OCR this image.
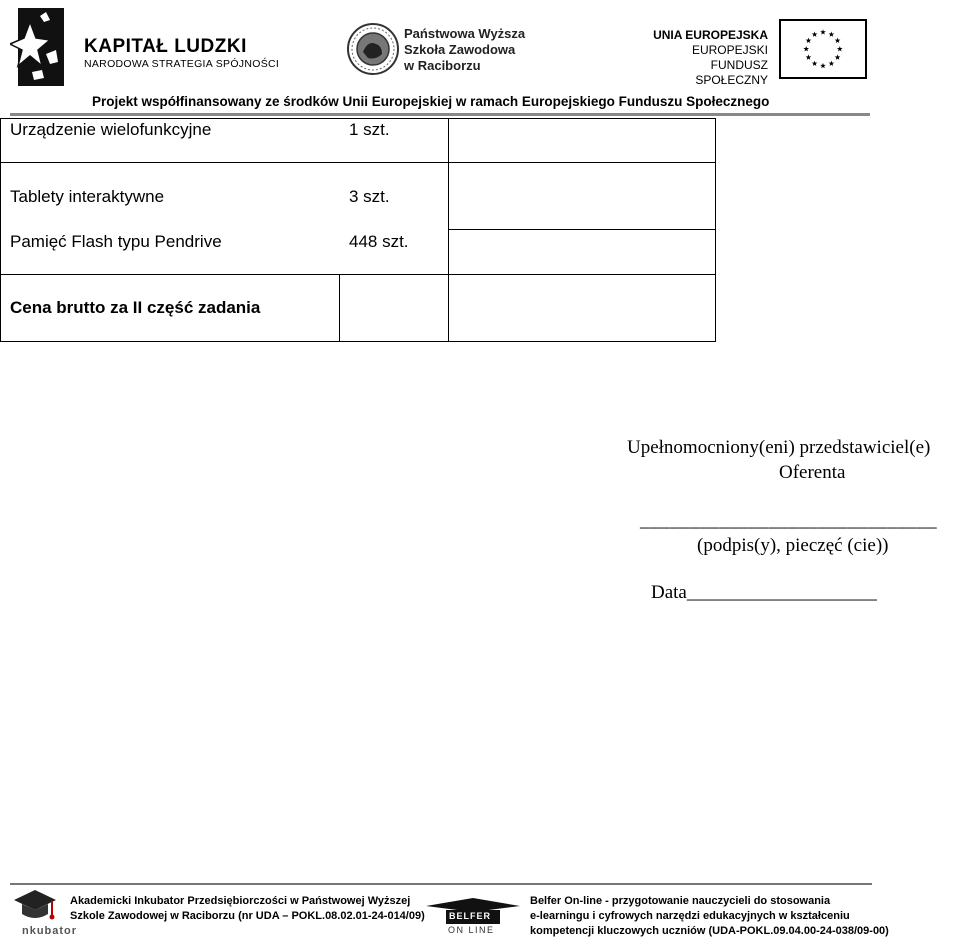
KAPITAŁ LUDZKI
NARODOWA STRATEGIA SPÓJNOŚCI
Państwowa Wyższa
Szkoła Zawodowa
w Raciborzu
UNIA EUROPEJSKA
EUROPEJSKI
FUNDUSZ SPOŁECZNY
Projekt współfinansowany ze środków Unii Europejskiej w ramach Europejskiego Funduszu Społecznego
Urządzenie wielofunkcyjne	1 szt.
Tablety interaktywne	3 szt.
Pamięć Flash typu Pendrive	448 szt.
Cena brutto za II część zadania
Upełnomocniony(eni) przedstawiciel(e)
Oferenta
______________________________
(podpis(y), pieczęć (cie))
Data____________________
nkubator
Akademicki Inkubator Przedsiębiorczości w Państwowej Wyższej
Szkole Zawodowej w Raciborzu (nr UDA – POKL.08.02.01-24-014/09)	BELFER
ON LINE
Belfer On-line - przygotowanie nauczycieli do stosowania
e-learningu i cyfrowych narzędzi edukacyjnych w kształceniu
kompetencji kluczowych uczniów (UDA-POKL.09.04.00-24-038/09-00)
